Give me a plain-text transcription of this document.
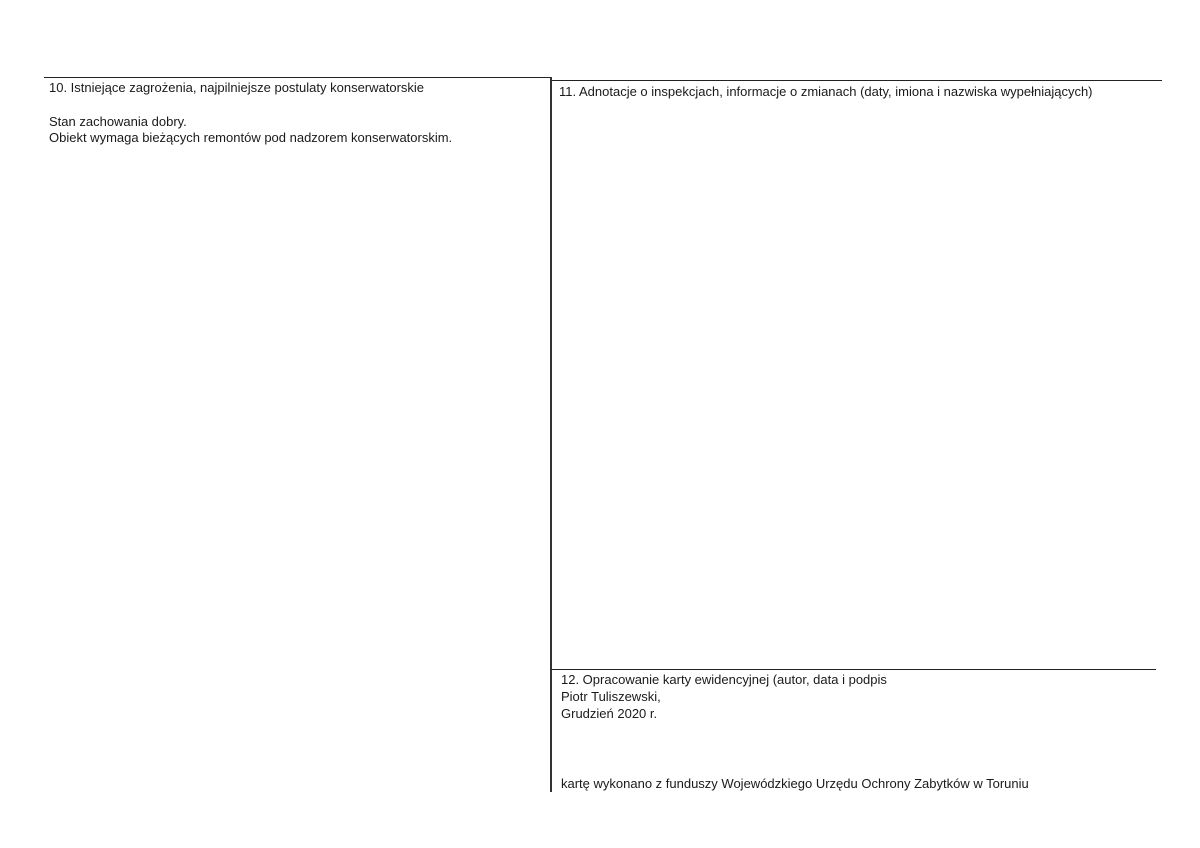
10. Istniejące zagrożenia, najpilniejsze postulaty konserwatorskie
Stan zachowania dobry.
Obiekt wymaga bieżących remontów pod nadzorem konserwatorskim.
11. Adnotacje o inspekcjach, informacje o zmianach (daty, imiona i nazwiska wypełniających)
12. Opracowanie karty ewidencyjnej (autor, data i podpis
Piotr Tuliszewski,
Grudzień 2020 r.
kartę wykonano z funduszy Wojewódzkiego Urzędu Ochrony Zabytków w Toruniu
